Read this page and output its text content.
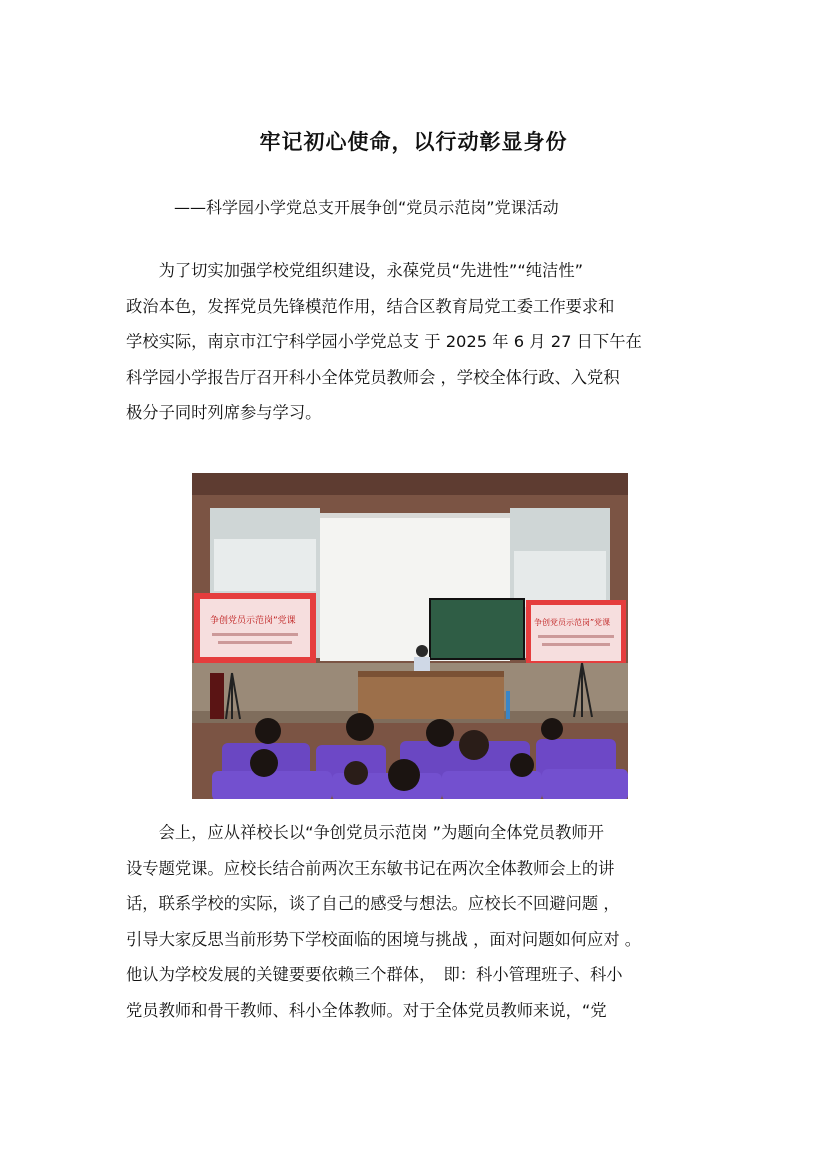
牢记初心使命，以行动彰显身份
——科学园小学党总支开展争创“党员示范岗”党课活动
　　为了切实加强学校党组织建设，永葆党员“先进性”“纯洁性”
政治本色，发挥党员先锋模范作用，结合区教育局党工委工作要求和
学校实际，南京市江宁科学园小学党总支 于 2025 年 6 月 27 日下午在
科学园小学报告厅召开科小全体党员教师会 ，学校全体行政、入党积
极分子同时列席参与学习。
争创党员示范岗”党课	争创党员示范岗”党课
　　会上，应从祥校长以“争创党员示范岗 ”为题向全体党员教师开
设专题党课。应校长结合前两次王东敏书记在两次全体教师会上的讲
话，联系学校的实际，谈了自己的感受与想法。应校长不回避问题 ，
引导大家反思当前形势下学校面临的困境与挑战 ，面对问题如何应对 。
他认为学校发展的关键要要依赖三个群体，　即：科小管理班子、科小
党员教师和骨干教师、科小全体教师。对于全体党员教师来说，“党
